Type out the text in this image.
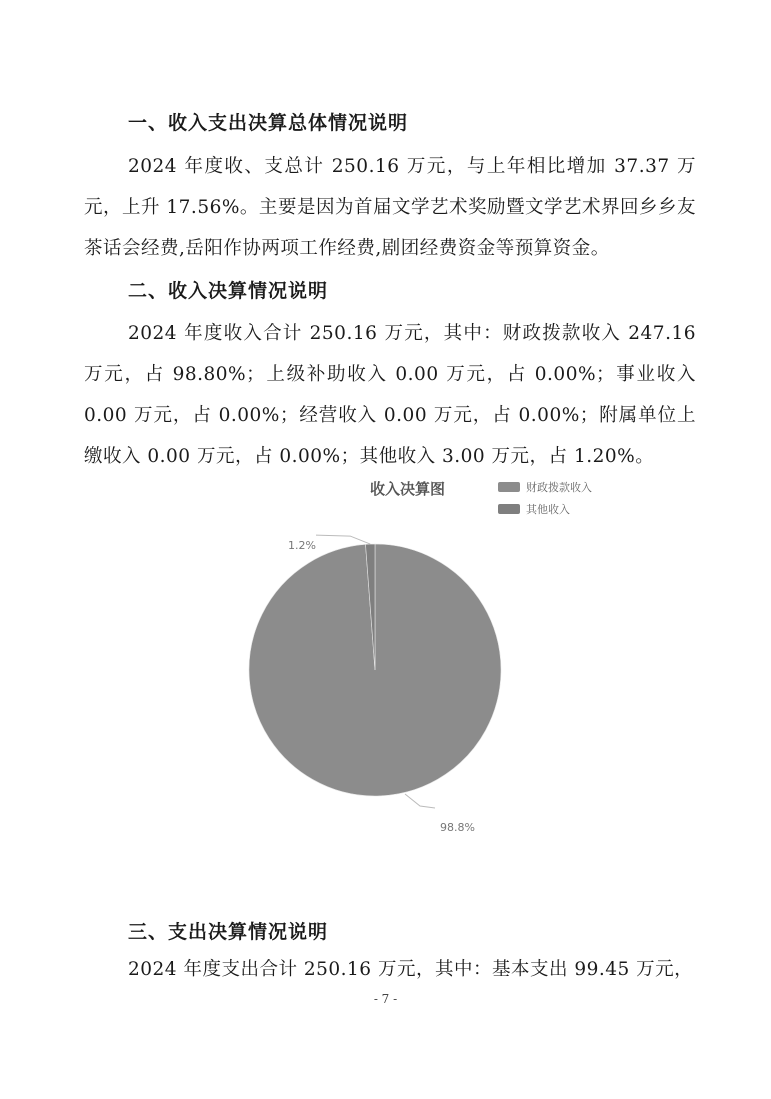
一、收入支出决算总体情况说明
2024 年度收、支总计 250.16 万元，与上年相比增加 37.37 万元，上升 17.56%。主要是因为首届文学艺术奖励暨文学艺术界回乡乡友茶话会经费,岳阳作协两项工作经费,剧团经费资金等预算资金。
二、收入决算情况说明
2024 年度收入合计 250.16 万元，其中：财政拨款收入 247.16 万元，占 98.80%；上级补助收入 0.00 万元，占 0.00%；事业收入 0.00 万元，占 0.00%；经营收入 0.00 万元，占 0.00%；附属单位上缴收入 0.00 万元，占 0.00%；其他收入 3.00 万元，占 1.20%。
收入决算图	财政拨款收入
其他收入
1.2%
98.8%
三、支出决算情况说明
2024 年度支出合计 250.16 万元，其中：基本支出 99.45 万元，
- 7 -
